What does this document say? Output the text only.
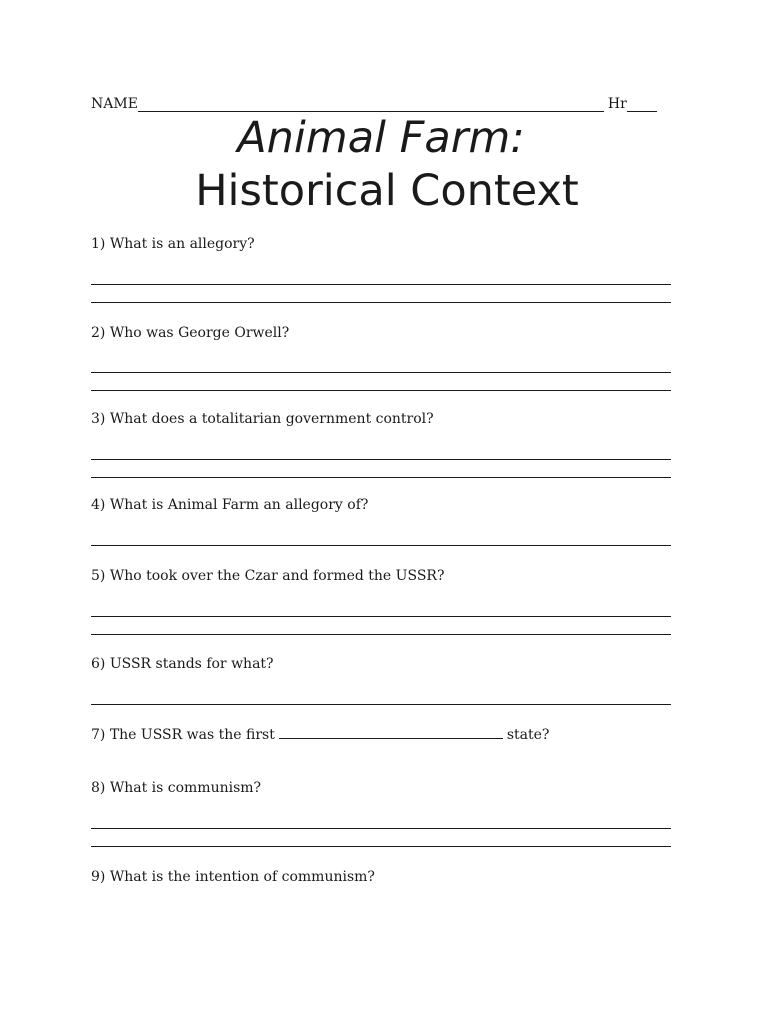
NAME	Hr
Animal Farm:
Historical Context
1) What is an allegory?
2) Who was George Orwell?
3) What does a totalitarian government control?
4) What is Animal Farm an allegory of?
5) Who took over the Czar and formed the USSR?
6) USSR stands for what?
7) The USSR was the first	state?
8) What is communism?
9) What is the intention of communism?
